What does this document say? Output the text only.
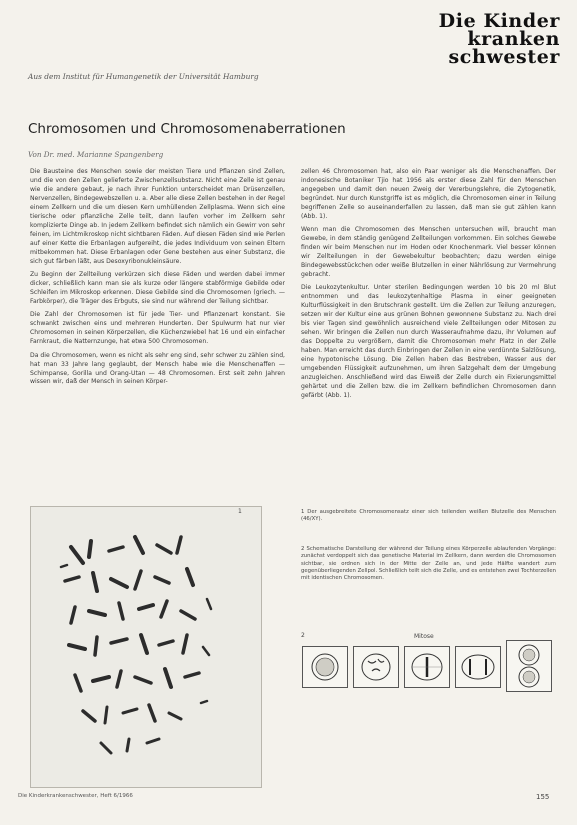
Die Kinder
kranken
schwester
Aus dem Institut für Humangenetik der Universität Hamburg
Chromosomen und Chromosomenaberrationen
Von Dr. med. Marianne Spangenberg

Die Bausteine des Menschen sowie der meisten Tiere und Pflanzen sind Zellen, und die von den Zellen gelieferte Zwischenzellsubstanz. Nicht eine Zelle ist genau wie die andere gebaut, je nach ihrer Funktion unterscheidet man Drüsenzellen, Nervenzellen, Bindegewebszellen u. a. Aber alle diese Zellen bestehen in der Regel einem Zellkern und die um diesen Kern umhüllenden Zellplasma. Wenn sich eine tierische oder pflanzliche Zelle teilt, dann laufen vorher im Zellkern sehr komplizierte Dinge ab. In jedem Zellkern befindet sich nämlich ein Gewirr von sehr feinen, im Lichtmikroskop nicht sichtbaren Fäden. Auf diesen Fäden sind wie Perlen auf einer Kette die Erbanlagen aufgereiht, die jedes Individuum von seinen Eltern mitbekommen hat. Diese Erbanlagen oder Gene bestehen aus einer Substanz, die sich gut färben läßt, aus Desoxyribonukleinsäure.

Zu Beginn der Zellteilung verkürzen sich diese Fäden und werden dabei immer dicker, schließlich kann man sie als kurze oder längere stabförmige Gebilde oder Schleifen im Mikroskop erkennen. Diese Gebilde sind die Chromosomen (griech. — Farbkörper), die Träger des Erbguts, sie sind nur während der Teilung sichtbar.

Die Zahl der Chromosomen ist für jede Tier- und Pflanzenart konstant. Sie schwankt zwischen eins und mehreren Hunderten. Der Spulwurm hat nur vier Chromosomen in seinen Körperzellen, die Küchenzwiebel hat 16 und ein einfacher Farnkraut, die Natternzunge, hat etwa 500 Chromosomen.

Da die Chromosomen, wenn es nicht als sehr eng sind, sehr schwer zu zählen sind, hat man 33 Jahre lang geglaubt, der Mensch habe wie die Menschenaffen — Schimpanse, Gorilla und Orang-Utan — 48 Chromosomen. Erst seit zehn Jahren wissen wir, daß der Mensch in seinen Körper-

zellen 46 Chromosomen hat, also ein Paar weniger als die Menschenaffen. Der indonesische Botaniker Tjio hat 1956 als erster diese Zahl für den Menschen angegeben und damit den neuen Zweig der Vererbungslehre, die Zytogenetik, begründet. Nur durch Kunstgriffe ist es möglich, die Chromosomen einer in Teilung begriffenen Zelle so auseinanderfallen zu lassen, daß man sie gut zählen kann (Abb. 1).

Wenn man die Chromosomen des Menschen untersuchen will, braucht man Gewebe, in dem ständig genügend Zellteilungen vorkommen. Ein solches Gewebe finden wir beim Menschen nur im Hoden oder Knochenmark. Viel besser können wir Zellteilungen in der Gewebekultur beobachten; dazu werden einige Bindegewebsstückchen oder weiße Blutzellen in einer Nährlösung zur Vermehrung gebracht.

Die Leukozytenkultur. Unter sterilen Bedingungen werden 10 bis 20 ml Blut entnommen und das leukozytenhaltige Plasma in einer geeigneten Kulturflüssigkeit in den Brutschrank gestellt. Um die Zellen zur Teilung anzuregen, setzen wir der Kultur eine aus grünen Bohnen gewonnene Substanz zu. Nach drei bis vier Tagen sind gewöhnlich ausreichend viele Zellteilungen oder Mitosen zu sehen. Wir bringen die Zellen nun durch Wasseraufnahme dazu, ihr Volumen auf das Doppelte zu vergrößern, damit die Chromosomen mehr Platz in der Zelle haben. Man erreicht das durch Einbringen der Zellen in eine verdünnte Salzlösung, eine hypotonische Lösung. Die Zellen haben das Bestreben, Wasser aus der umgebenden Flüssigkeit aufzunehmen, um ihren Salzgehalt dem der Umgebung anzugleichen. Anschließend wird das Eiweiß der Zelle durch ein Fixierungsmittel gehärtet und die Zellen bzw. die im Zellkern befindlichen Chromosomen dann gefärbt (Abb. 1).

1	1 Der ausgebreitete Chromosomensatz einer sich teilenden weißen Blutzelle des Menschen (46/XY).
2 Schematische Darstellung der während der Teilung eines Körperzelle ablaufenden Vorgänge: zunächst verdoppelt sich das genetische Material im Zellkern, dann werden die Chromosomen sichtbar, sie ordnen sich in der Mitte der Zelle an, und jede Hälfte wandert zum gegenüberliegenden Zellpol. Schließlich teilt sich die Zelle, und es entstehen zwei Tochterzellen mit identischen Chromosomen.
2	Mitose
Die Kinderkrankenschwester, Heft 6/1966	155
